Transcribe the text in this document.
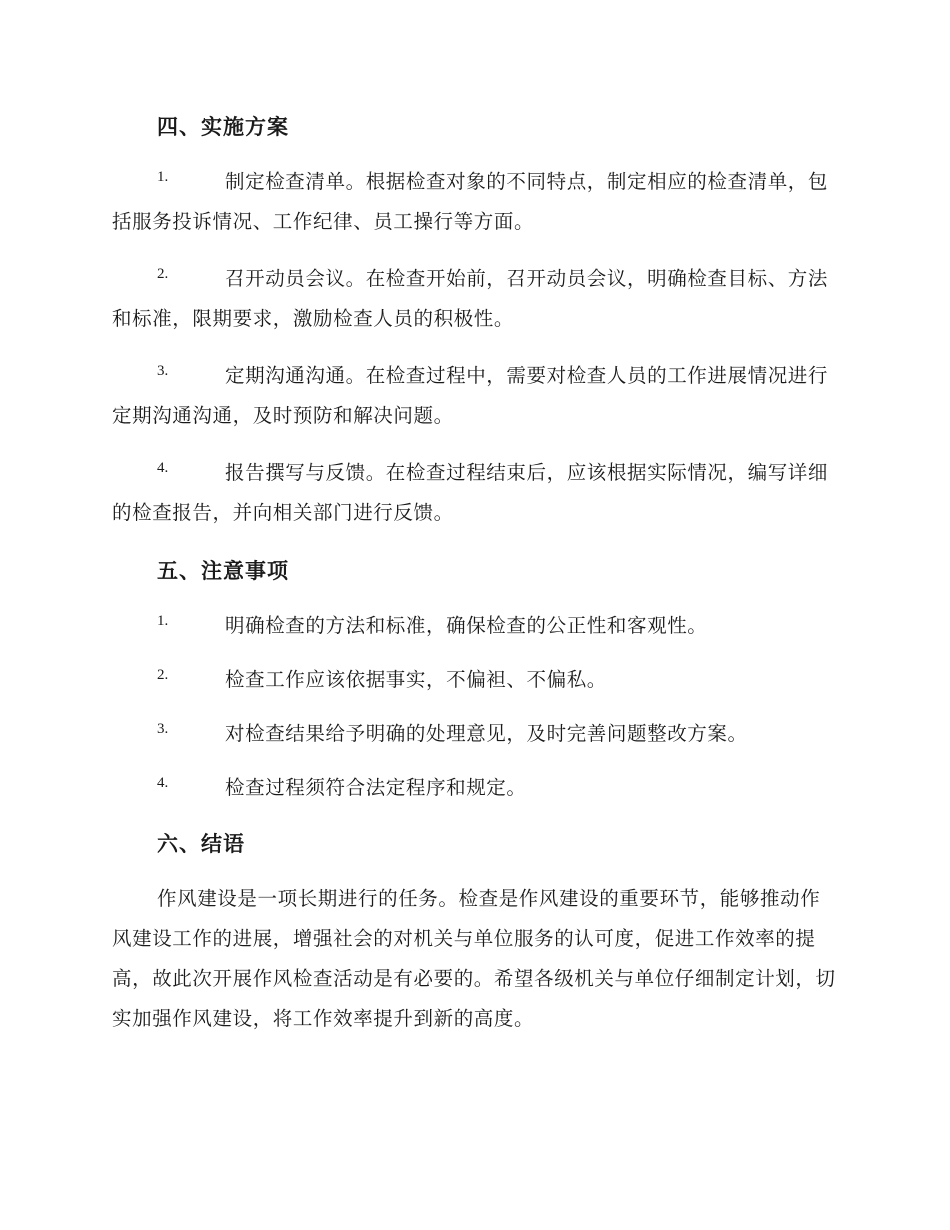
四、实施方案
1.	制定检查清单。根据检查对象的不同特点，制定相应的检查清单，包括服务投诉情况、工作纪律、员工操行等方面。
2.	召开动员会议。在检查开始前，召开动员会议，明确检查目标、方法和标准，限期要求，激励检查人员的积极性。
3.	定期沟通沟通。在检查过程中，需要对检查人员的工作进展情况进行定期沟通沟通，及时预防和解决问题。
4.	报告撰写与反馈。在检查过程结束后，应该根据实际情况，编写详细的检查报告，并向相关部门进行反馈。
五、注意事项
1.	明确检查的方法和标准，确保检查的公正性和客观性。
2.	检查工作应该依据事实，不偏袒、不偏私。
3.	对检查结果给予明确的处理意见，及时完善问题整改方案。
4.	检查过程须符合法定程序和规定。
六、结语
作风建设是一项长期进行的任务。检查是作风建设的重要环节，能够推动作风建设工作的进展，增强社会的对机关与单位服务的认可度，促进工作效率的提高，故此次开展作风检查活动是有必要的。希望各级机关与单位仔细制定计划，切实加强作风建设，将工作效率提升到新的高度。
